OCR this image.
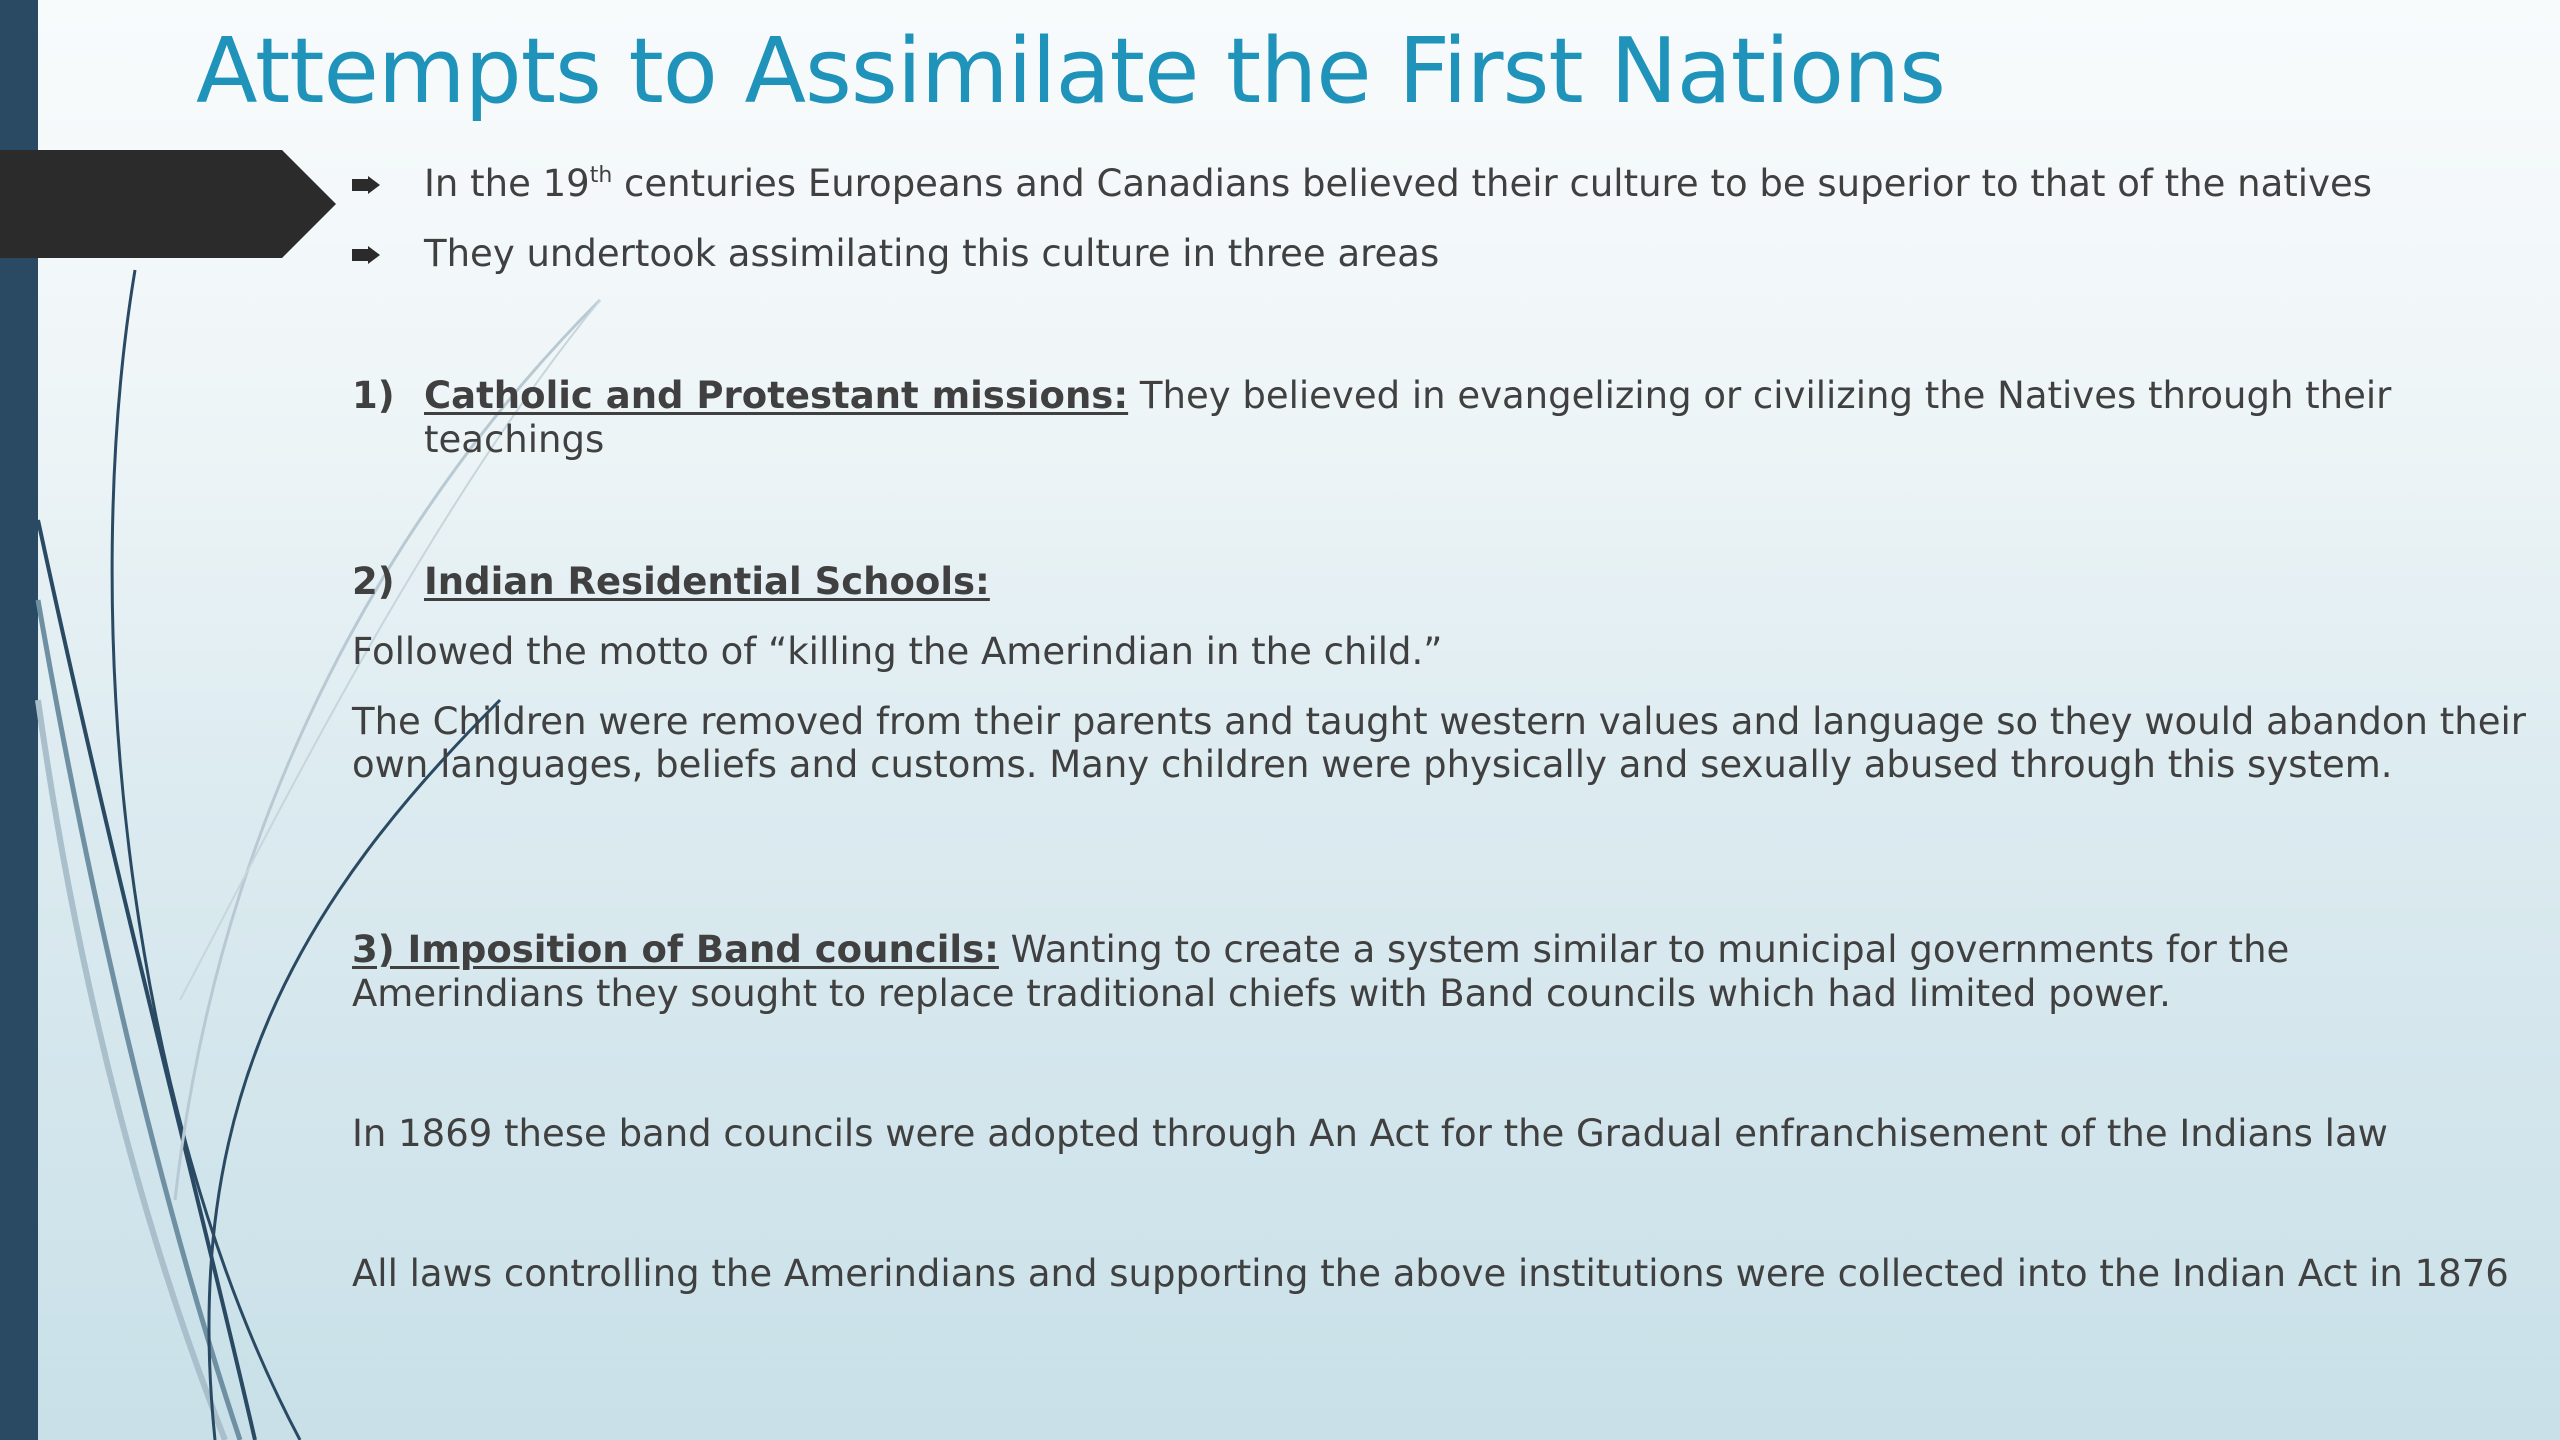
Attempts to Assimilate the First Nations
In the 19th centuries Europeans and Canadians believed their culture to be superior to that of the natives
They undertook assimilating this culture in three areas
1) Catholic and Protestant missions: They believed in evangelizing or civilizing the Natives through their teachings
2) Indian Residential Schools:
Followed the motto of “killing the Amerindian in the child.”
The Children were removed from their parents and taught western values and language so they would abandon their own languages, beliefs and customs. Many children were physically and sexually abused through this system.
3) Imposition of Band councils: Wanting to create a system similar to municipal governments for the Amerindians they sought to replace traditional chiefs with Band councils which had limited power.
In 1869 these band councils were adopted through An Act for the Gradual enfranchisement of the Indians law
All laws controlling the Amerindians and supporting the above institutions were collected into the Indian Act in 1876
